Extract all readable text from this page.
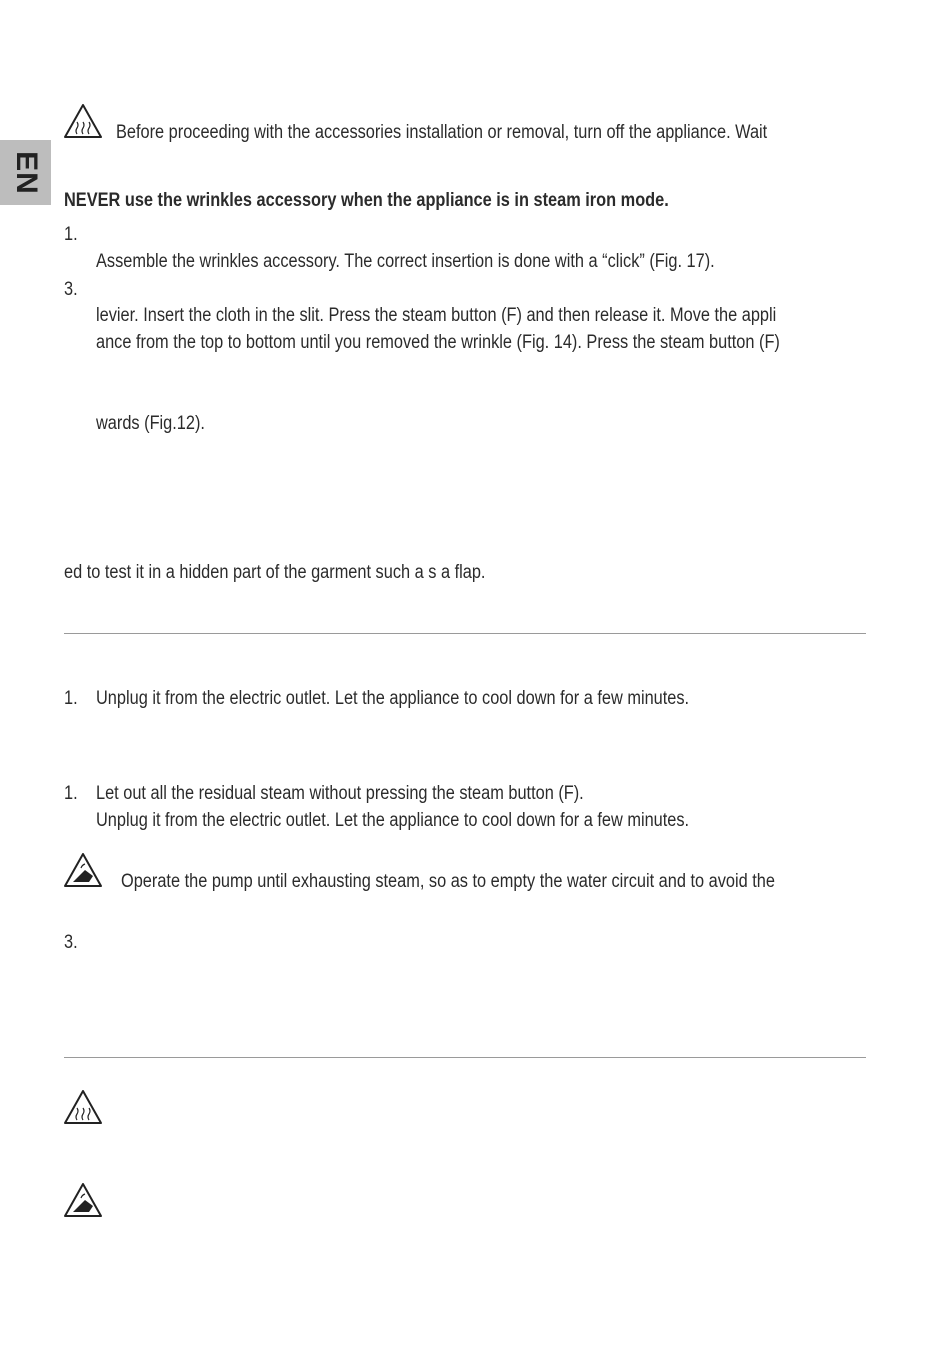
EN
Before proceeding with the accessories installation or removal, turn off the appliance. Wait
NEVER use the wrinkles accessory when the appliance is in steam iron mode.
1.
Assemble the wrinkles accessory. The correct insertion is done with a “click” (Fig. 17).
3.
levier. Insert the cloth in the slit. Press the steam button (F) and then release it. Move the appli
ance from the top to bottom until you removed the wrinkle (Fig. 14). Press the steam button (F)
wards (Fig.12).
ed to test it in a hidden part of the garment such a s a flap.
1. Unplug it from the electric outlet. Let the appliance to cool down for a few minutes.
1. Let out all the residual steam without pressing the steam button (F).
Unplug it from the electric outlet. Let the appliance to cool down for a few minutes.
Operate the pump until exhausting steam, so as to empty the water circuit and to avoid the
3.
